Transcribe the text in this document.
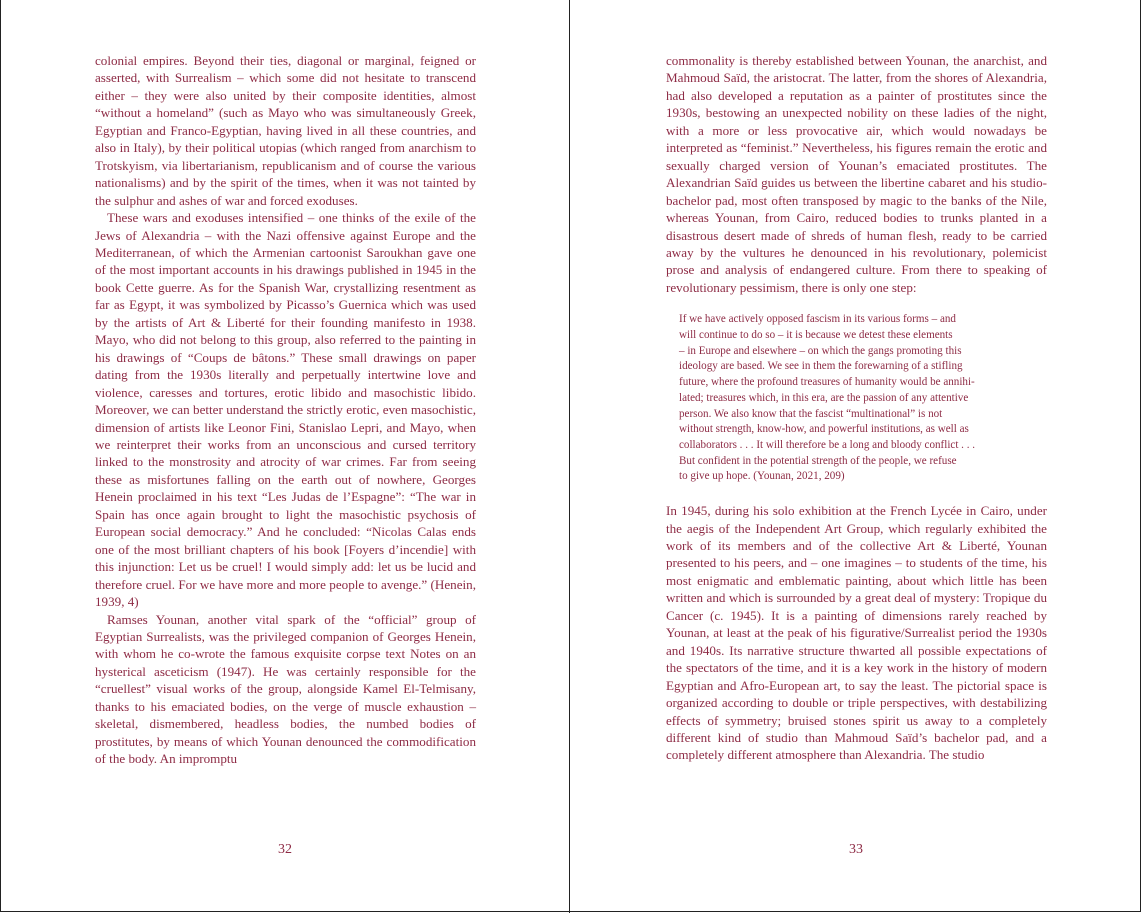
colonial empires. Beyond their ties, diagonal or marginal, feigned or asserted, with Surrealism – which some did not hesitate to transcend either – they were also united by their composite identities, almost “without a homeland” (such as Mayo who was simultaneously Greek, Egyptian and Franco-Egyptian, having lived in all these countries, and also in Italy), by their political utopias (which ranged from anarchism to Trotskyism, via libertarianism, republicanism and of course the various nationalisms) and by the spirit of the times, when it was not tainted by the sulphur and ashes of war and forced exoduses.

These wars and exoduses intensified – one thinks of the exile of the Jews of Alexandria – with the Nazi offensive against Europe and the Mediterranean, of which the Armenian cartoonist Saroukhan gave one of the most important accounts in his drawings published in 1945 in the book Cette guerre. As for the Spanish War, crystallizing resentment as far as Egypt, it was symbolized by Picasso’s Guernica which was used by the artists of Art & Liberté for their founding manifesto in 1938. Mayo, who did not belong to this group, also referred to the painting in his drawings of “Coups de bâtons.” These small drawings on paper dating from the 1930s literally and perpetually intertwine love and violence, caresses and tortures, erotic libido and masochistic libido. Moreover, we can better understand the strictly erotic, even masochistic, dimension of artists like Leonor Fini, Stanislao Lepri, and Mayo, when we reinterpret their works from an unconscious and cursed territory linked to the monstrosity and atrocity of war crimes. Far from seeing these as misfortunes falling on the earth out of nowhere, Georges Henein proclaimed in his text “Les Judas de l’Espagne”: “The war in Spain has once again brought to light the masochistic psychosis of European social democracy.” And he concluded: “Nicolas Calas ends one of the most brilliant chapters of his book [Foyers d’incendie] with this injunction: Let us be cruel! I would simply add: let us be lucid and therefore cruel. For we have more and more people to avenge.” (Henein, 1939, 4)

Ramses Younan, another vital spark of the “official” group of Egyptian Surrealists, was the privileged companion of Georges Henein, with whom he co-wrote the famous exquisite corpse text Notes on an hysterical asceticism (1947). He was certainly responsible for the “cruellest” visual works of the group, alongside Kamel El-Telmisany, thanks to his emaciated bodies, on the verge of muscle exhaustion – skeletal, dismembered, headless bodies, the numbed bodies of prostitutes, by means of which Younan denounced the commodification of the body. An impromptu

32

commonality is thereby established between Younan, the anarchist, and Mahmoud Saïd, the aristocrat. The latter, from the shores of Alexandria, had also developed a reputation as a painter of prostitutes since the 1930s, bestowing an unexpected nobility on these ladies of the night, with a more or less provocative air, which would nowadays be interpreted as “feminist.” Nevertheless, his figures remain the erotic and sexually charged version of Younan’s emaciated prostitutes. The Alexandrian Saïd guides us between the libertine cabaret and his studio-bachelor pad, most often transposed by magic to the banks of the Nile, whereas Younan, from Cairo, reduced bodies to trunks planted in a disastrous desert made of shreds of human flesh, ready to be carried away by the vultures he denounced in his revolutionary, polemicist prose and analysis of endangered culture. From there to speaking of revolutionary pessimism, there is only one step:

If we have actively opposed fascism in its various forms – and
will continue to do so – it is because we detest these elements
– in Europe and elsewhere – on which the gangs promoting this
ideology are based. We see in them the forewarning of a stifling
future, where the profound treasures of humanity would be annihi-
lated; treasures which, in this era, are the passion of any attentive
person. We also know that the fascist “multinational” is not
without strength, know-how, and powerful institutions, as well as
collaborators . . . It will therefore be a long and bloody conflict . . .
But confident in the potential strength of the people, we refuse
to give up hope. (Younan, 2021, 209)

In 1945, during his solo exhibition at the French Lycée in Cairo, under the aegis of the Independent Art Group, which regularly exhibited the work of its members and of the collective Art & Liberté, Younan presented to his peers, and – one imagines – to students of the time, his most enigmatic and emblematic painting, about which little has been written and which is surrounded by a great deal of mystery: Tropique du Cancer (c. 1945). It is a painting of dimensions rarely reached by Younan, at least at the peak of his figurative/Surrealist period the 1930s and 1940s. Its narrative structure thwarted all possible expectations of the spectators of the time, and it is a key work in the history of modern Egyptian and Afro-European art, to say the least. The pictorial space is organized according to double or triple perspectives, with destabilizing effects of symmetry; bruised stones spirit us away to a completely different kind of studio than Mahmoud Saïd’s bachelor pad, and a completely different atmosphere than Alexandria. The studio

33
